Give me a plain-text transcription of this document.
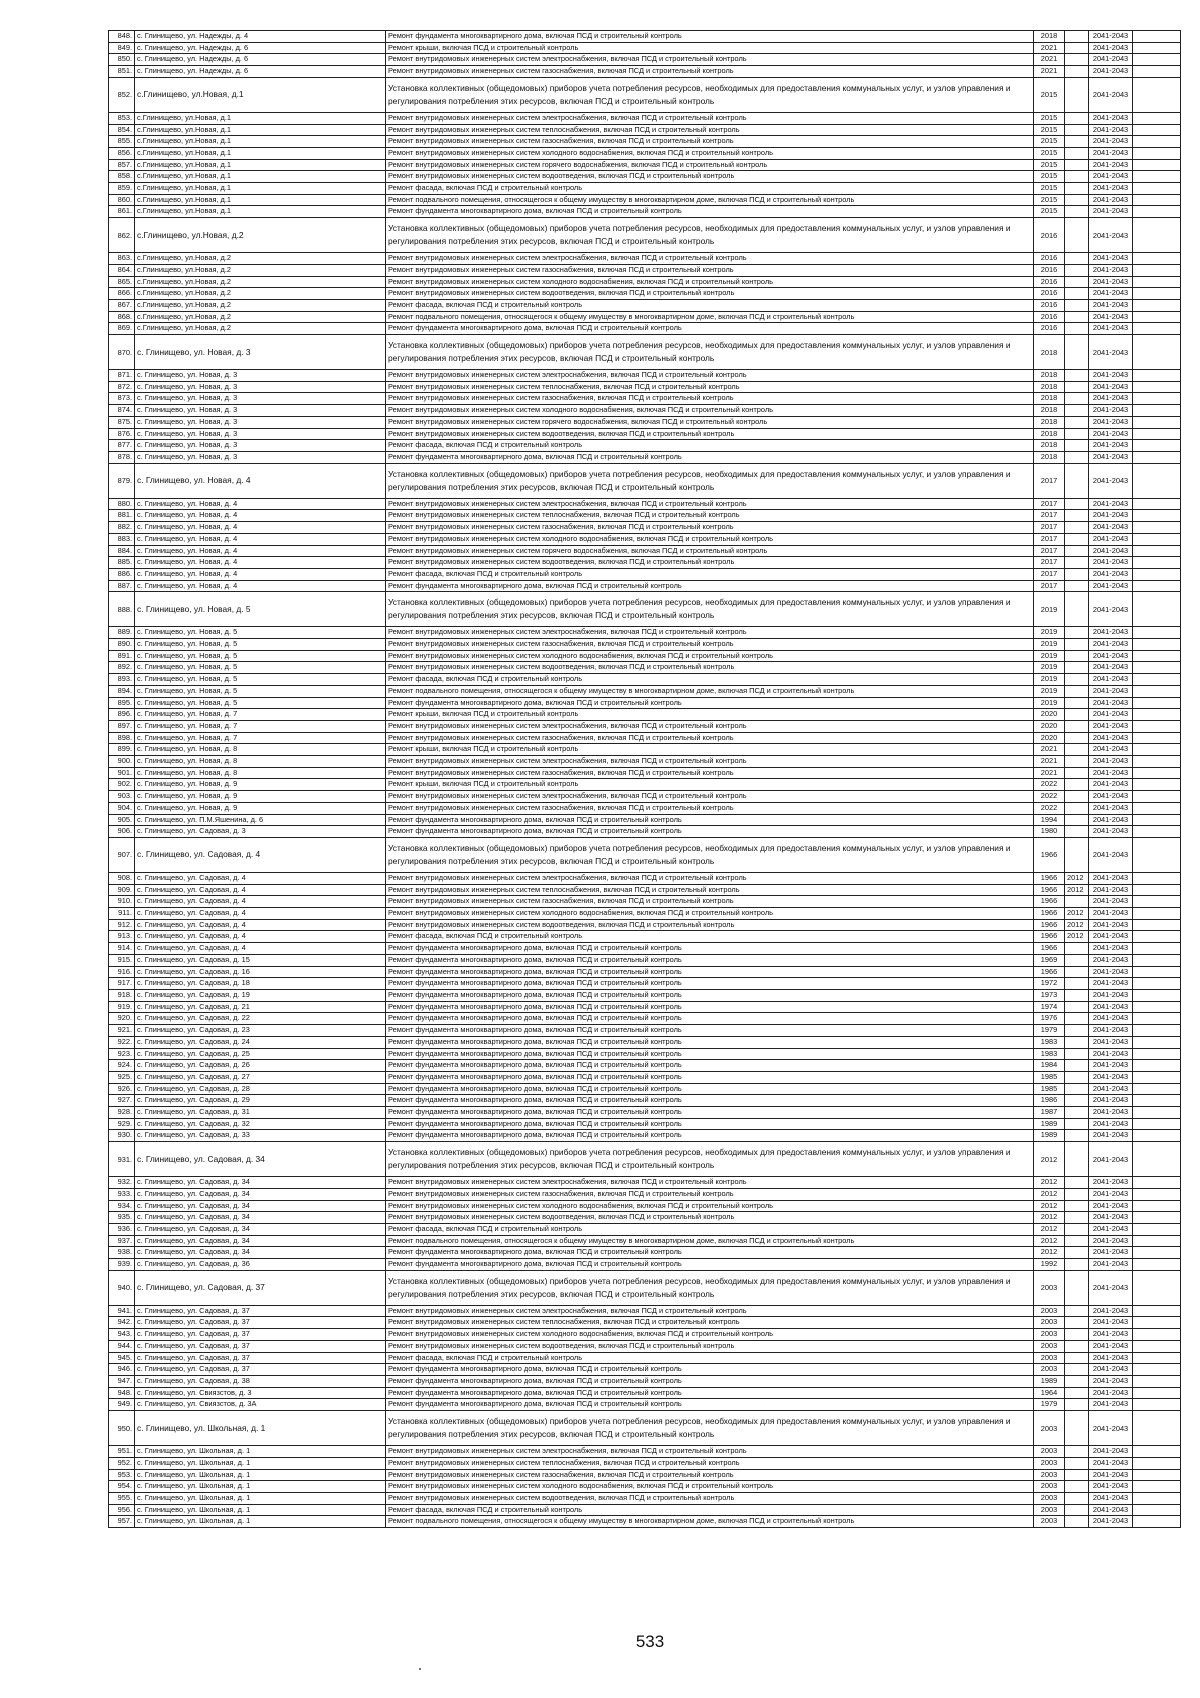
848.	с. Глинищево, ул. Надежды, д. 4	Ремонт фундамента многоквартирного дома, включая ПСД и строительный контроль	2018		2041-2043	
849.	с. Глинищево, ул. Надежды, д. 6	Ремонт крыши, включая ПСД и строительный контроль	2021		2041-2043	
850.	с. Глинищево, ул. Надежды, д. 6	Ремонт внутридомовых инженерных систем электроснабжения, включая ПСД и строительный контроль	2021		2041-2043	
851.	с. Глинищево, ул. Надежды, д. 6	Ремонт внутридомовых инженерных систем газоснабжения, включая ПСД и строительный контроль	2021		2041-2043	
852.	с.Глинищево, ул.Новая, д.1	Установка коллективных (общедомовых) приборов учета потребления ресурсов, необходимых для предоставления коммунальных услуг, и узлов управления и регулирования потребления этих ресурсов, включая ПСД и строительный контроль	2015		2041-2043	
853.	с.Глинищево, ул.Новая, д.1	Ремонт внутридомовых инженерных систем электроснабжения, включая ПСД и строительный контроль	2015		2041-2043	
854.	с.Глинищево, ул.Новая, д.1	Ремонт внутридомовых инженерных систем теплоснабжения, включая ПСД и строительный контроль	2015		2041-2043	
855.	с.Глинищево, ул.Новая, д.1	Ремонт внутридомовых инженерных систем газоснабжения, включая ПСД и строительный контроль	2015		2041-2043	
856.	с.Глинищево, ул.Новая, д.1	Ремонт внутридомовых инженерных систем холодного водоснабжения, включая ПСД и строительный контроль	2015		2041-2043	
857.	с.Глинищево, ул.Новая, д.1	Ремонт внутридомовых инженерных систем горячего водоснабжения, включая ПСД и строительный контроль	2015		2041-2043	
858.	с.Глинищево, ул.Новая, д.1	Ремонт внутридомовых инженерных систем водоотведения, включая ПСД и строительный контроль	2015		2041-2043	
859.	с.Глинищево, ул.Новая, д.1	Ремонт фасада, включая ПСД и строительный контроль	2015		2041-2043	
860.	с.Глинищево, ул.Новая, д.1	Ремонт подвального помещения, относящегося к общему имуществу в многоквартирном доме, включая ПСД и строительный контроль	2015		2041-2043	
861.	с.Глинищево, ул.Новая, д.1	Ремонт фундамента многоквартирного дома, включая ПСД и строительный контроль	2015		2041-2043	
862.	с.Глинищево, ул.Новая, д.2	Установка коллективных (общедомовых) приборов учета потребления ресурсов, необходимых для предоставления коммунальных услуг, и узлов управления и регулирования потребления этих ресурсов, включая ПСД и строительный контроль	2016		2041-2043	
863.	с.Глинищево, ул.Новая, д.2	Ремонт внутридомовых инженерных систем электроснабжения, включая ПСД и строительный контроль	2016		2041-2043	
864.	с.Глинищево, ул.Новая, д.2	Ремонт внутридомовых инженерных систем газоснабжения, включая ПСД и строительный контроль	2016		2041-2043	
865.	с.Глинищево, ул.Новая, д.2	Ремонт внутридомовых инженерных систем холодного водоснабжения, включая ПСД и строительный контроль	2016		2041-2043	
866.	с.Глинищево, ул.Новая, д.2	Ремонт внутридомовых инженерных систем водоотведения, включая ПСД и строительный контроль	2016		2041-2043	
867.	с.Глинищево, ул.Новая, д.2	Ремонт фасада, включая ПСД и строительный контроль	2016		2041-2043	
868.	с.Глинищево, ул.Новая, д.2	Ремонт подвального помещения, относящегося к общему имуществу в многоквартирном доме, включая ПСД и строительный контроль	2016		2041-2043	
869.	с.Глинищево, ул.Новая, д.2	Ремонт фундамента многоквартирного дома, включая ПСД и строительный контроль	2016		2041-2043	
870.	с. Глинищево, ул. Новая, д. 3	Установка коллективных (общедомовых) приборов учета потребления ресурсов, необходимых для предоставления коммунальных услуг, и узлов управления и регулирования потребления этих ресурсов, включая ПСД и строительный контроль	2018		2041-2043	
871.	с. Глинищево, ул. Новая, д. 3	Ремонт внутридомовых инженерных систем электроснабжения, включая ПСД и строительный контроль	2018		2041-2043	
872.	с. Глинищево, ул. Новая, д. 3	Ремонт внутридомовых инженерных систем теплоснабжения, включая ПСД и строительный контроль	2018		2041-2043	
873.	с. Глинищево, ул. Новая, д. 3	Ремонт внутридомовых инженерных систем газоснабжения, включая ПСД и строительный контроль	2018		2041-2043	
874.	с. Глинищево, ул. Новая, д. 3	Ремонт внутридомовых инженерных систем холодного водоснабжения, включая ПСД и строительный контроль	2018		2041-2043	
875.	с. Глинищево, ул. Новая, д. 3	Ремонт внутридомовых инженерных систем горячего водоснабжения, включая ПСД и строительный контроль	2018		2041-2043	
876.	с. Глинищево, ул. Новая, д. 3	Ремонт внутридомовых инженерных систем водоотведения, включая ПСД и строительный контроль	2018		2041-2043	
877.	с. Глинищево, ул. Новая, д. 3	Ремонт фасада, включая ПСД и строительный контроль	2018		2041-2043	
878.	с. Глинищево, ул. Новая, д. 3	Ремонт фундамента многоквартирного дома, включая ПСД и строительный контроль	2018		2041-2043	
879.	с. Глинищево, ул. Новая, д. 4	Установка коллективных (общедомовых) приборов учета потребления ресурсов, необходимых для предоставления коммунальных услуг, и узлов управления и регулирования потребления этих ресурсов, включая ПСД и строительный контроль	2017		2041-2043	
880.	с. Глинищево, ул. Новая, д. 4	Ремонт внутридомовых инженерных систем электроснабжения, включая ПСД и строительный контроль	2017		2041-2043	
881.	с. Глинищево, ул. Новая, д. 4	Ремонт внутридомовых инженерных систем теплоснабжения, включая ПСД и строительный контроль	2017		2041-2043	
882.	с. Глинищево, ул. Новая, д. 4	Ремонт внутридомовых инженерных систем газоснабжения, включая ПСД и строительный контроль	2017		2041-2043	
883.	с. Глинищево, ул. Новая, д. 4	Ремонт внутридомовых инженерных систем холодного водоснабжения, включая ПСД и строительный контроль	2017		2041-2043	
884.	с. Глинищево, ул. Новая, д. 4	Ремонт внутридомовых инженерных систем горячего водоснабжения, включая ПСД и строительный контроль	2017		2041-2043	
885.	с. Глинищево, ул. Новая, д. 4	Ремонт внутридомовых инженерных систем водоотведения, включая ПСД и строительный контроль	2017		2041-2043	
886.	с. Глинищево, ул. Новая, д. 4	Ремонт фасада, включая ПСД и строительный контроль	2017		2041-2043	
887.	с. Глинищево, ул. Новая, д. 4	Ремонт фундамента многоквартирного дома, включая ПСД и строительный контроль	2017		2041-2043	
888.	с. Глинищево, ул. Новая, д. 5	Установка коллективных (общедомовых) приборов учета потребления ресурсов, необходимых для предоставления коммунальных услуг, и узлов управления и регулирования потребления этих ресурсов, включая ПСД и строительный контроль	2019		2041-2043	
889.	с. Глинищево, ул. Новая, д. 5	Ремонт внутридомовых инженерных систем электроснабжения, включая ПСД и строительный контроль	2019		2041-2043	
890.	с. Глинищево, ул. Новая, д. 5	Ремонт внутридомовых инженерных систем газоснабжения, включая ПСД и строительный контроль	2019		2041-2043	
891.	с. Глинищево, ул. Новая, д. 5	Ремонт внутридомовых инженерных систем холодного водоснабжения, включая ПСД и строительный контроль	2019		2041-2043	
892.	с. Глинищево, ул. Новая, д. 5	Ремонт внутридомовых инженерных систем водоотведения, включая ПСД и строительный контроль	2019		2041-2043	
893.	с. Глинищево, ул. Новая, д. 5	Ремонт фасада, включая ПСД и строительный контроль	2019		2041-2043	
894.	с. Глинищево, ул. Новая, д. 5	Ремонт подвального помещения, относящегося к общему имуществу в многоквартирном доме, включая ПСД и строительный контроль	2019		2041-2043	
895.	с. Глинищево, ул. Новая, д. 5	Ремонт фундамента многоквартирного дома, включая ПСД и строительный контроль	2019		2041-2043	
896.	с. Глинищево, ул. Новая, д. 7	Ремонт крыши, включая ПСД и строительный контроль	2020		2041-2043	
897.	с. Глинищево, ул. Новая, д. 7	Ремонт внутридомовых инженерных систем электроснабжения, включая ПСД и строительный контроль	2020		2041-2043	
898.	с. Глинищево, ул. Новая, д. 7	Ремонт внутридомовых инженерных систем газоснабжения, включая ПСД и строительный контроль	2020		2041-2043	
899.	с. Глинищево, ул. Новая, д. 8	Ремонт крыши, включая ПСД и строительный контроль	2021		2041-2043	
900.	с. Глинищево, ул. Новая, д. 8	Ремонт внутридомовых инженерных систем электроснабжения, включая ПСД и строительный контроль	2021		2041-2043	
901.	с. Глинищево, ул. Новая, д. 8	Ремонт внутридомовых инженерных систем газоснабжения, включая ПСД и строительный контроль	2021		2041-2043	
902.	с. Глинищево, ул. Новая, д. 9	Ремонт крыши, включая ПСД и строительный контроль	2022		2041-2043	
903.	с. Глинищево, ул. Новая, д. 9	Ремонт внутридомовых инженерных систем электроснабжения, включая ПСД и строительный контроль	2022		2041-2043	
904.	с. Глинищево, ул. Новая, д. 9	Ремонт внутридомовых инженерных систем газоснабжения, включая ПСД и строительный контроль	2022		2041-2043	
905.	с. Глинищево, ул. П.М.Яшенина, д. 6	Ремонт фундамента многоквартирного дома, включая ПСД и строительный контроль	1994		2041-2043	
906.	с. Глинищево, ул. Садовая, д. 3	Ремонт фундамента многоквартирного дома, включая ПСД и строительный контроль	1980		2041-2043	
907.	с. Глинищево, ул. Садовая, д. 4	Установка коллективных (общедомовых) приборов учета потребления ресурсов, необходимых для предоставления коммунальных услуг, и узлов управления и регулирования потребления этих ресурсов, включая ПСД и строительный контроль	1966		2041-2043	
908.	с. Глинищево, ул. Садовая, д. 4	Ремонт внутридомовых инженерных систем электроснабжения, включая ПСД и строительный контроль	1966	2012	2041-2043	
909.	с. Глинищево, ул. Садовая, д. 4	Ремонт внутридомовых инженерных систем теплоснабжения, включая ПСД и строительный контроль	1966	2012	2041-2043	
910.	с. Глинищево, ул. Садовая, д. 4	Ремонт внутридомовых инженерных систем газоснабжения, включая ПСД и строительный контроль	1966		2041-2043	
911.	с. Глинищево, ул. Садовая, д. 4	Ремонт внутридомовых инженерных систем холодного водоснабжения, включая ПСД и строительный контроль	1966	2012	2041-2043	
912.	с. Глинищево, ул. Садовая, д. 4	Ремонт внутридомовых инженерных систем водоотведения, включая ПСД и строительный контроль	1966	2012	2041-2043	
913.	с. Глинищево, ул. Садовая, д. 4	Ремонт фасада, включая ПСД и строительный контроль	1966	2012	2041-2043	
914.	с. Глинищево, ул. Садовая, д. 4	Ремонт фундамента многоквартирного дома, включая ПСД и строительный контроль	1966		2041-2043	
915.	с. Глинищево, ул. Садовая, д. 15	Ремонт фундамента многоквартирного дома, включая ПСД и строительный контроль	1969		2041-2043	
916.	с. Глинищево, ул. Садовая, д. 16	Ремонт фундамента многоквартирного дома, включая ПСД и строительный контроль	1966		2041-2043	
917.	с. Глинищево, ул. Садовая, д. 18	Ремонт фундамента многоквартирного дома, включая ПСД и строительный контроль	1972		2041-2043	
918.	с. Глинищево, ул. Садовая, д. 19	Ремонт фундамента многоквартирного дома, включая ПСД и строительный контроль	1973		2041-2043	
919.	с. Глинищево, ул. Садовая, д. 21	Ремонт фундамента многоквартирного дома, включая ПСД и строительный контроль	1974		2041-2043	
920.	с. Глинищево, ул. Садовая, д. 22	Ремонт фундамента многоквартирного дома, включая ПСД и строительный контроль	1976		2041-2043	
921.	с. Глинищево, ул. Садовая, д. 23	Ремонт фундамента многоквартирного дома, включая ПСД и строительный контроль	1979		2041-2043	
922.	с. Глинищево, ул. Садовая, д. 24	Ремонт фундамента многоквартирного дома, включая ПСД и строительный контроль	1983		2041-2043	
923.	с. Глинищево, ул. Садовая, д. 25	Ремонт фундамента многоквартирного дома, включая ПСД и строительный контроль	1983		2041-2043	
924.	с. Глинищево, ул. Садовая, д. 26	Ремонт фундамента многоквартирного дома, включая ПСД и строительный контроль	1984		2041-2043	
925.	с. Глинищево, ул. Садовая, д. 27	Ремонт фундамента многоквартирного дома, включая ПСД и строительный контроль	1985		2041-2043	
926.	с. Глинищево, ул. Садовая, д. 28	Ремонт фундамента многоквартирного дома, включая ПСД и строительный контроль	1985		2041-2043	
927.	с. Глинищево, ул. Садовая, д. 29	Ремонт фундамента многоквартирного дома, включая ПСД и строительный контроль	1986		2041-2043	
928.	с. Глинищево, ул. Садовая, д. 31	Ремонт фундамента многоквартирного дома, включая ПСД и строительный контроль	1987		2041-2043	
929.	с. Глинищево, ул. Садовая, д. 32	Ремонт фундамента многоквартирного дома, включая ПСД и строительный контроль	1989		2041-2043	
930.	с. Глинищево, ул. Садовая, д. 33	Ремонт фундамента многоквартирного дома, включая ПСД и строительный контроль	1989		2041-2043	
931.	с. Глинищево, ул. Садовая, д. 34	Установка коллективных (общедомовых) приборов учета потребления ресурсов, необходимых для предоставления коммунальных услуг, и узлов управления и регулирования потребления этих ресурсов, включая ПСД и строительный контроль	2012		2041-2043	
932.	с. Глинищево, ул. Садовая, д. 34	Ремонт внутридомовых инженерных систем электроснабжения, включая ПСД и строительный контроль	2012		2041-2043	
933.	с. Глинищево, ул. Садовая, д. 34	Ремонт внутридомовых инженерных систем газоснабжения, включая ПСД и строительный контроль	2012		2041-2043	
934.	с. Глинищево, ул. Садовая, д. 34	Ремонт внутридомовых инженерных систем холодного водоснабжения, включая ПСД и строительный контроль	2012		2041-2043	
935.	с. Глинищево, ул. Садовая, д. 34	Ремонт внутридомовых инженерных систем водоотведения, включая ПСД и строительный контроль	2012		2041-2043	
936.	с. Глинищево, ул. Садовая, д. 34	Ремонт фасада, включая ПСД и строительный контроль	2012		2041-2043	
937.	с. Глинищево, ул. Садовая, д. 34	Ремонт подвального помещения, относящегося к общему имуществу в многоквартирном доме, включая ПСД и строительный контроль	2012		2041-2043	
938.	с. Глинищево, ул. Садовая, д. 34	Ремонт фундамента многоквартирного дома, включая ПСД и строительный контроль	2012		2041-2043	
939.	с. Глинищево, ул. Садовая, д. 36	Ремонт фундамента многоквартирного дома, включая ПСД и строительный контроль	1992		2041-2043	
940.	с. Глинищево, ул. Садовая, д. 37	Установка коллективных (общедомовых) приборов учета потребления ресурсов, необходимых для предоставления коммунальных услуг, и узлов управления и регулирования потребления этих ресурсов, включая ПСД и строительный контроль	2003		2041-2043	
941.	с. Глинищево, ул. Садовая, д. 37	Ремонт внутридомовых инженерных систем электроснабжения, включая ПСД и строительный контроль	2003		2041-2043	
942.	с. Глинищево, ул. Садовая, д. 37	Ремонт внутридомовых инженерных систем теплоснабжения, включая ПСД и строительный контроль	2003		2041-2043	
943.	с. Глинищево, ул. Садовая, д. 37	Ремонт внутридомовых инженерных систем холодного водоснабжения, включая ПСД и строительный контроль	2003		2041-2043	
944.	с. Глинищево, ул. Садовая, д. 37	Ремонт внутридомовых инженерных систем водоотведения, включая ПСД и строительный контроль	2003		2041-2043	
945.	с. Глинищево, ул. Садовая, д. 37	Ремонт фасада, включая ПСД и строительный контроль	2003		2041-2043	
946.	с. Глинищево, ул. Садовая, д. 37	Ремонт фундамента многоквартирного дома, включая ПСД и строительный контроль	2003		2041-2043	
947.	с. Глинищево, ул. Садовая, д. 38	Ремонт фундамента многоквартирного дома, включая ПСД и строительный контроль	1989		2041-2043	
948.	с. Глинищево, ул. Свиязстов, д. 3	Ремонт фундамента многоквартирного дома, включая ПСД и строительный контроль	1964		2041-2043	
949.	с. Глинищево, ул. Свиязстов, д. 3А	Ремонт фундамента многоквартирного дома, включая ПСД и строительный контроль	1979		2041-2043	
950.	с. Глинищево, ул. Школьная, д. 1	Установка коллективных (общедомовых) приборов учета потребления ресурсов, необходимых для предоставления коммунальных услуг, и узлов управления и регулирования потребления этих ресурсов, включая ПСД и строительный контроль	2003		2041-2043	
951.	с. Глинищево, ул. Школьная, д. 1	Ремонт внутридомовых инженерных систем электроснабжения, включая ПСД и строительный контроль	2003		2041-2043	
952.	с. Глинищево, ул. Школьная, д. 1	Ремонт внутридомовых инженерных систем теплоснабжения, включая ПСД и строительный контроль	2003		2041-2043	
953.	с. Глинищево, ул. Школьная, д. 1	Ремонт внутридомовых инженерных систем газоснабжения, включая ПСД и строительный контроль	2003		2041-2043	
954.	с. Глинищево, ул. Школьная, д. 1	Ремонт внутридомовых инженерных систем холодного водоснабжения, включая ПСД и строительный контроль	2003		2041-2043	
955.	с. Глинищево, ул. Школьная, д. 1	Ремонт внутридомовых инженерных систем водоотведения, включая ПСД и строительный контроль	2003		2041-2043	
956.	с. Глинищево, ул. Школьная, д. 1	Ремонт фасада, включая ПСД и строительный контроль	2003		2041-2043	
957.	с. Глинищево, ул. Школьная, д. 1	Ремонт подвального помещения, относящегося к общему имуществу в многоквартирном доме, включая ПСД и строительный контроль	2003		2041-2043	
533
